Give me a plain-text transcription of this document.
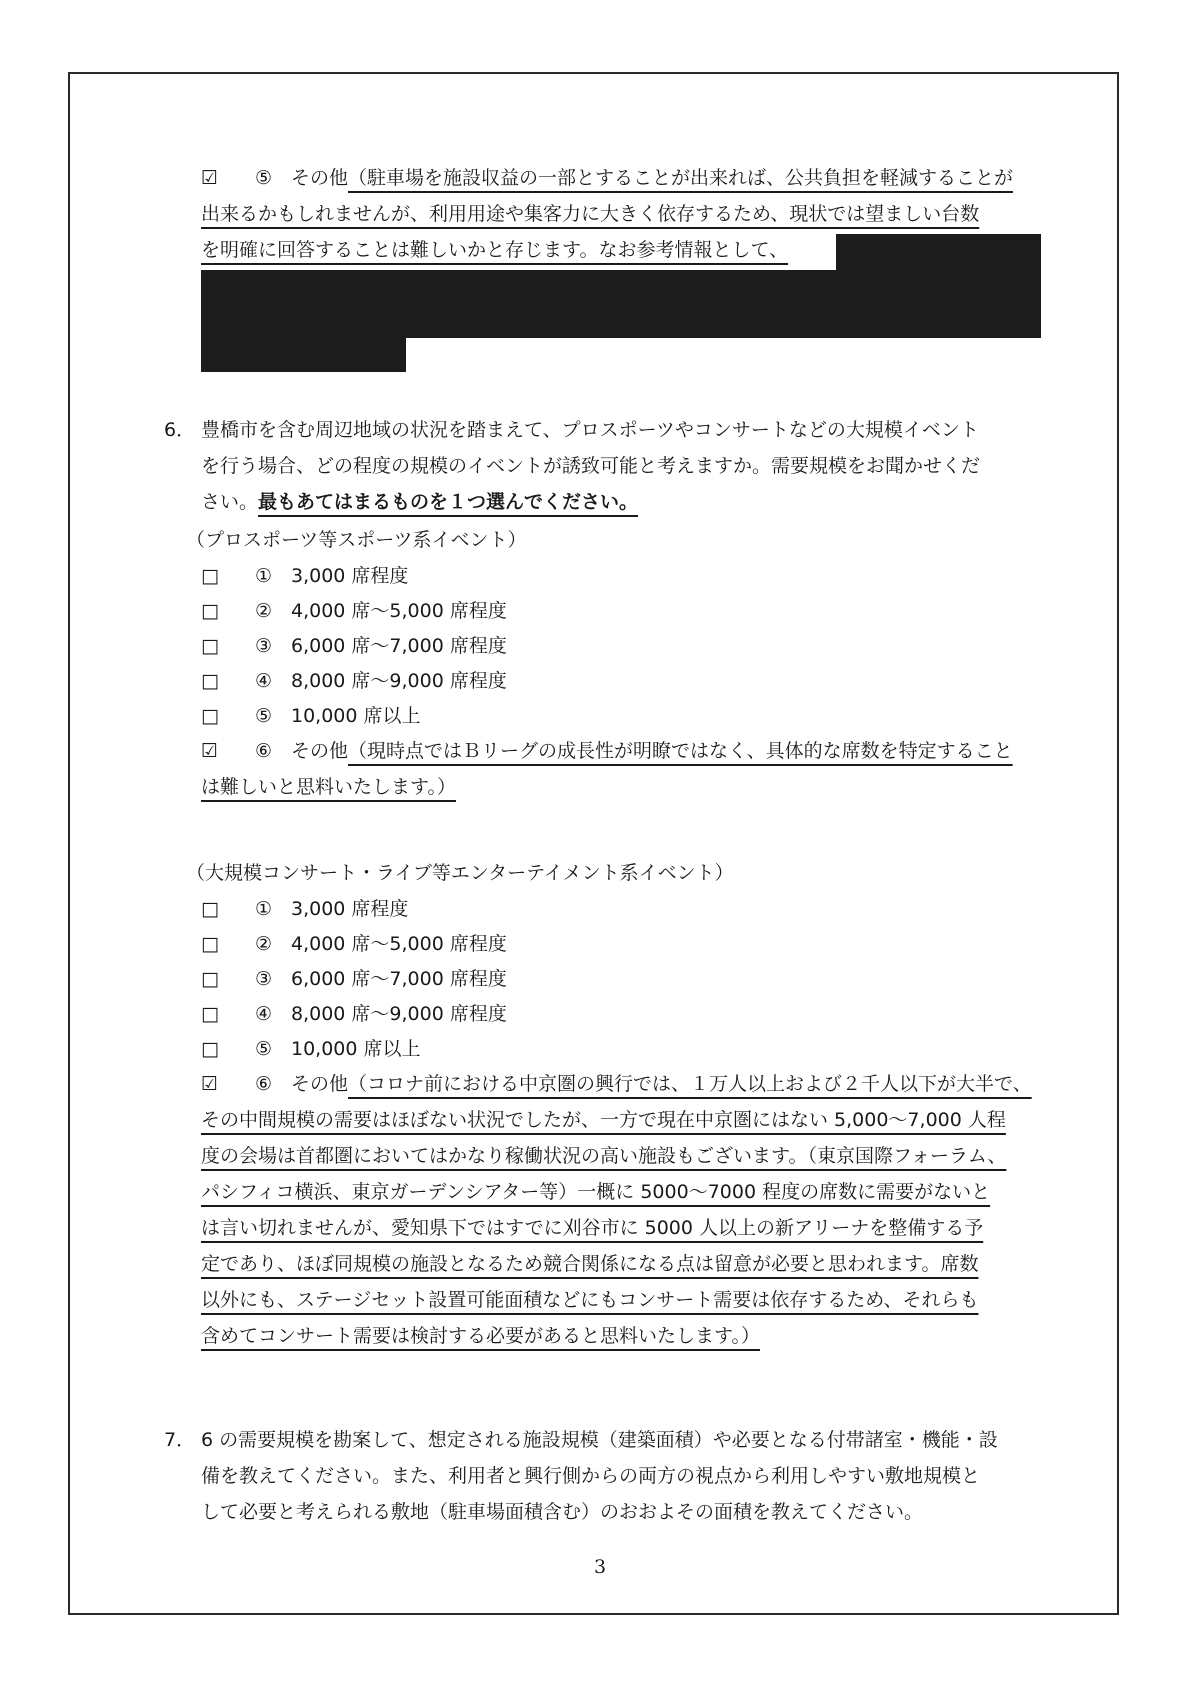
☑ ⑤ その他（駐車場を施設収益の一部とすることが出来れば、公共負担を軽減することが
出来るかもしれませんが、利用用途や集客力に大きく依存するため、現状では望ましい台数
を明確に回答することは難しいかと存じます。なお参考情報として、
6． 豊橋市を含む周辺地域の状況を踏まえて、プロスポーツやコンサートなどの大規模イベント
を行う場合、どの程度の規模のイベントが誘致可能と考えますか。需要規模をお聞かせくだ
さい。最もあてはまるものを１つ選んでください。
（プロスポーツ等スポーツ系イベント）
□ ① 3,000 席程度
□ ② 4,000 席～5,000 席程度
□ ③ 6,000 席～7,000 席程度
□ ④ 8,000 席～9,000 席程度
□ ⑤ 10,000 席以上
☑ ⑥ その他（現時点ではＢリーグの成長性が明瞭ではなく、具体的な席数を特定すること
は難しいと思料いたします。）
（大規模コンサート・ライブ等エンターテイメント系イベント）
□ ① 3,000 席程度
□ ② 4,000 席～5,000 席程度
□ ③ 6,000 席～7,000 席程度
□ ④ 8,000 席～9,000 席程度
□ ⑤ 10,000 席以上
☑ ⑥ その他（コロナ前における中京圏の興行では、１万人以上および２千人以下が大半で、
その中間規模の需要はほぼない状況でしたが、一方で現在中京圏にはない 5,000～7,000 人程
度の会場は首都圏においてはかなり稼働状況の高い施設もございます。（東京国際フォーラム、
パシフィコ横浜、東京ガーデンシアター等）一概に 5000～7000 程度の席数に需要がないと
は言い切れませんが、愛知県下ではすでに刈谷市に 5000 人以上の新アリーナを整備する予
定であり、ほぼ同規模の施設となるため競合関係になる点は留意が必要と思われます。席数
以外にも、ステージセット設置可能面積などにもコンサート需要は依存するため、それらも
含めてコンサート需要は検討する必要があると思料いたします。）
7． 6 の需要規模を勘案して、想定される施設規模（建築面積）や必要となる付帯諸室・機能・設
備を教えてください。また、利用者と興行側からの両方の視点から利用しやすい敷地規模と
して必要と考えられる敷地（駐車場面積含む）のおおよその面積を教えてください。
3
